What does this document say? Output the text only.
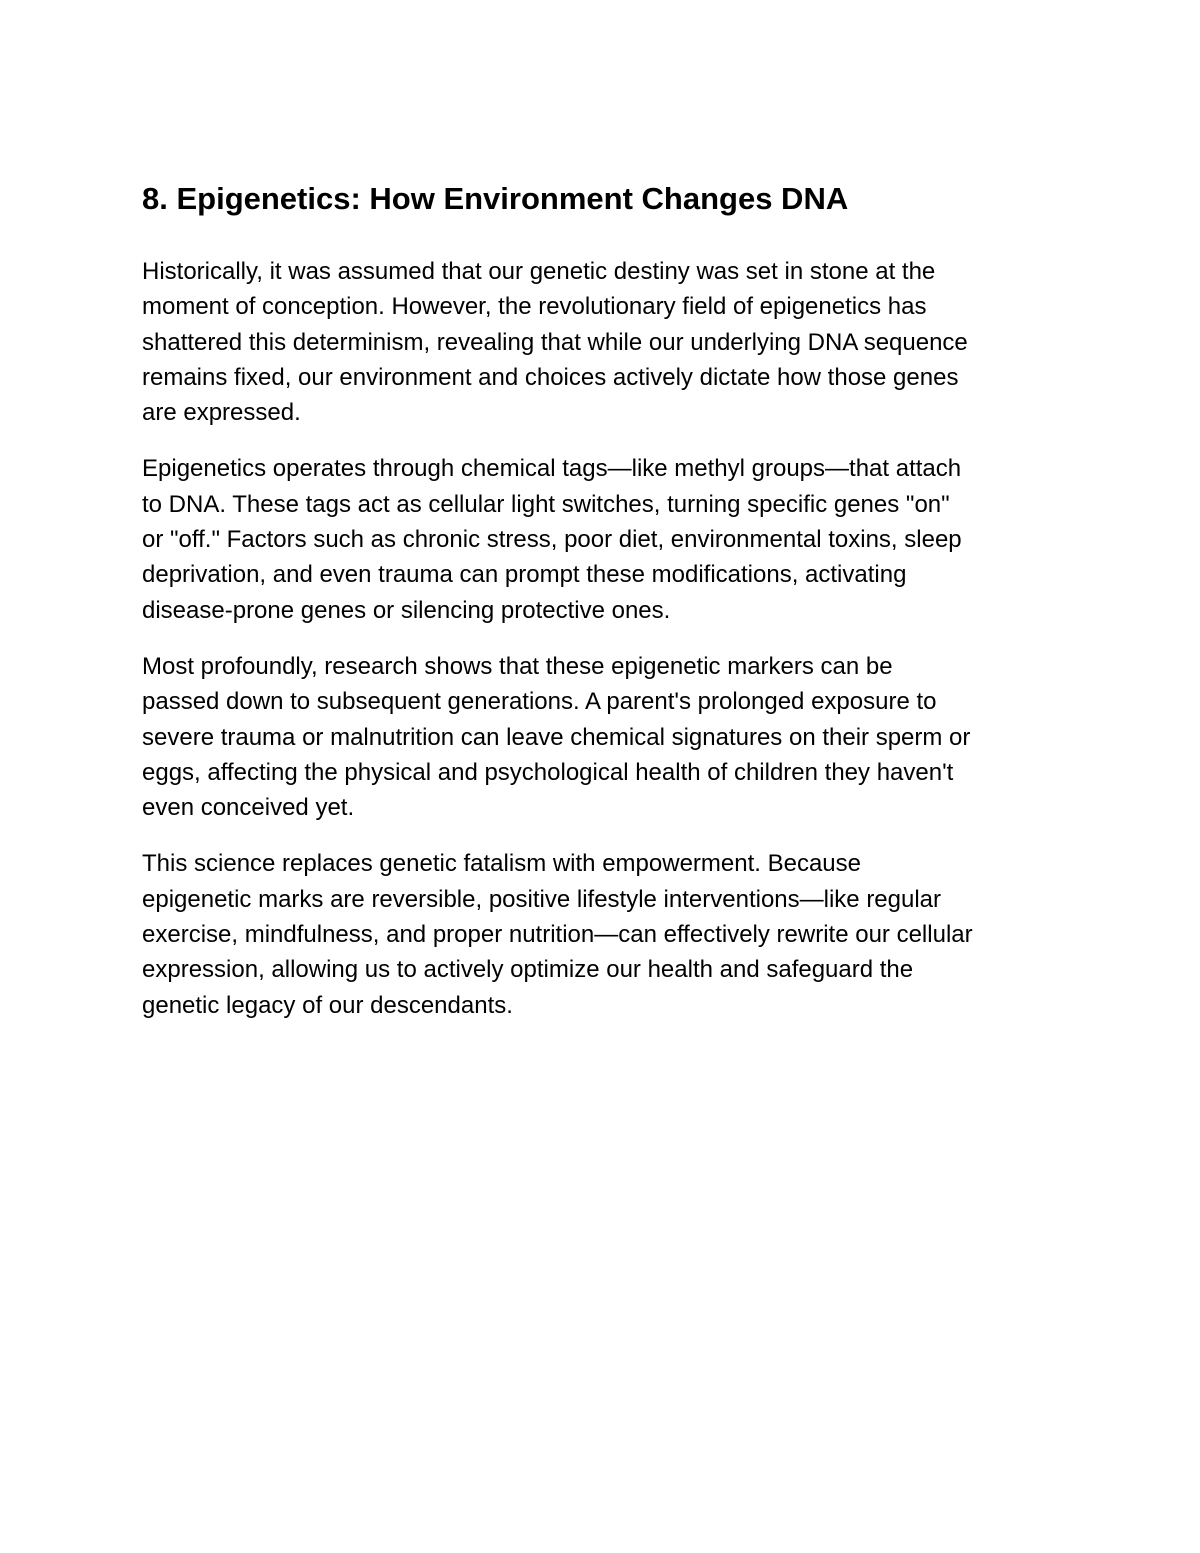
8. Epigenetics: How Environment Changes DNA

Historically, it was assumed that our genetic destiny was set in stone at the
moment of conception. However, the revolutionary field of epigenetics has
shattered this determinism, revealing that while our underlying DNA sequence
remains fixed, our environment and choices actively dictate how those genes
are expressed.

Epigenetics operates through chemical tags—like methyl groups—that attach
to DNA. These tags act as cellular light switches, turning specific genes "on"
or "off." Factors such as chronic stress, poor diet, environmental toxins, sleep
deprivation, and even trauma can prompt these modifications, activating
disease-prone genes or silencing protective ones.

Most profoundly, research shows that these epigenetic markers can be
passed down to subsequent generations. A parent's prolonged exposure to
severe trauma or malnutrition can leave chemical signatures on their sperm or
eggs, affecting the physical and psychological health of children they haven't
even conceived yet.

This science replaces genetic fatalism with empowerment. Because
epigenetic marks are reversible, positive lifestyle interventions—like regular
exercise, mindfulness, and proper nutrition—can effectively rewrite our cellular
expression, allowing us to actively optimize our health and safeguard the
genetic legacy of our descendants.
